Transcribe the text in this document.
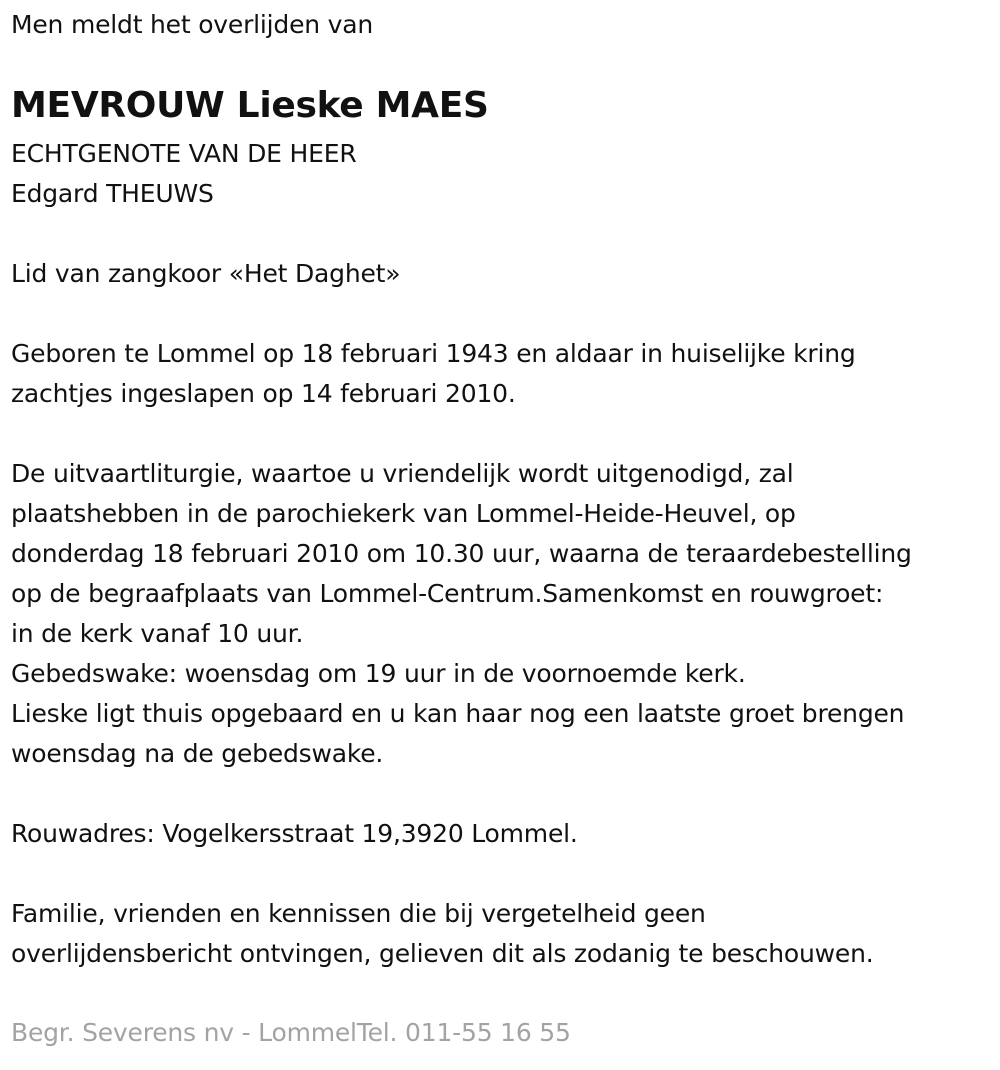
Men meldt het overlijden van
MEVROUW Lieske MAES
ECHTGENOTE VAN DE HEER
Edgard THEUWS
Lid van zangkoor «Het Daghet»
Geboren te Lommel op 18 februari 1943 en aldaar in huiselijke kring
zachtjes ingeslapen op 14 februari 2010.
De uitvaartliturgie, waartoe u vriendelijk wordt uitgenodigd, zal
plaatshebben in de parochiekerk van Lommel-Heide-Heuvel, op
donderdag 18 februari 2010 om 10.30 uur, waarna de teraardebestelling
op de begraafplaats van Lommel-Centrum.Samenkomst en rouwgroet:
in de kerk vanaf 10 uur.
Gebedswake: woensdag om 19 uur in de voornoemde kerk.
Lieske ligt thuis opgebaard en u kan haar nog een laatste groet brengen
woensdag na de gebedswake.
Rouwadres: Vogelkersstraat 19,3920 Lommel.
Familie, vrienden en kennissen die bij vergetelheid geen
overlijdensbericht ontvingen, gelieven dit als zodanig te beschouwen.
Begr. Severens nv - LommelTel. 011-55 16 55
